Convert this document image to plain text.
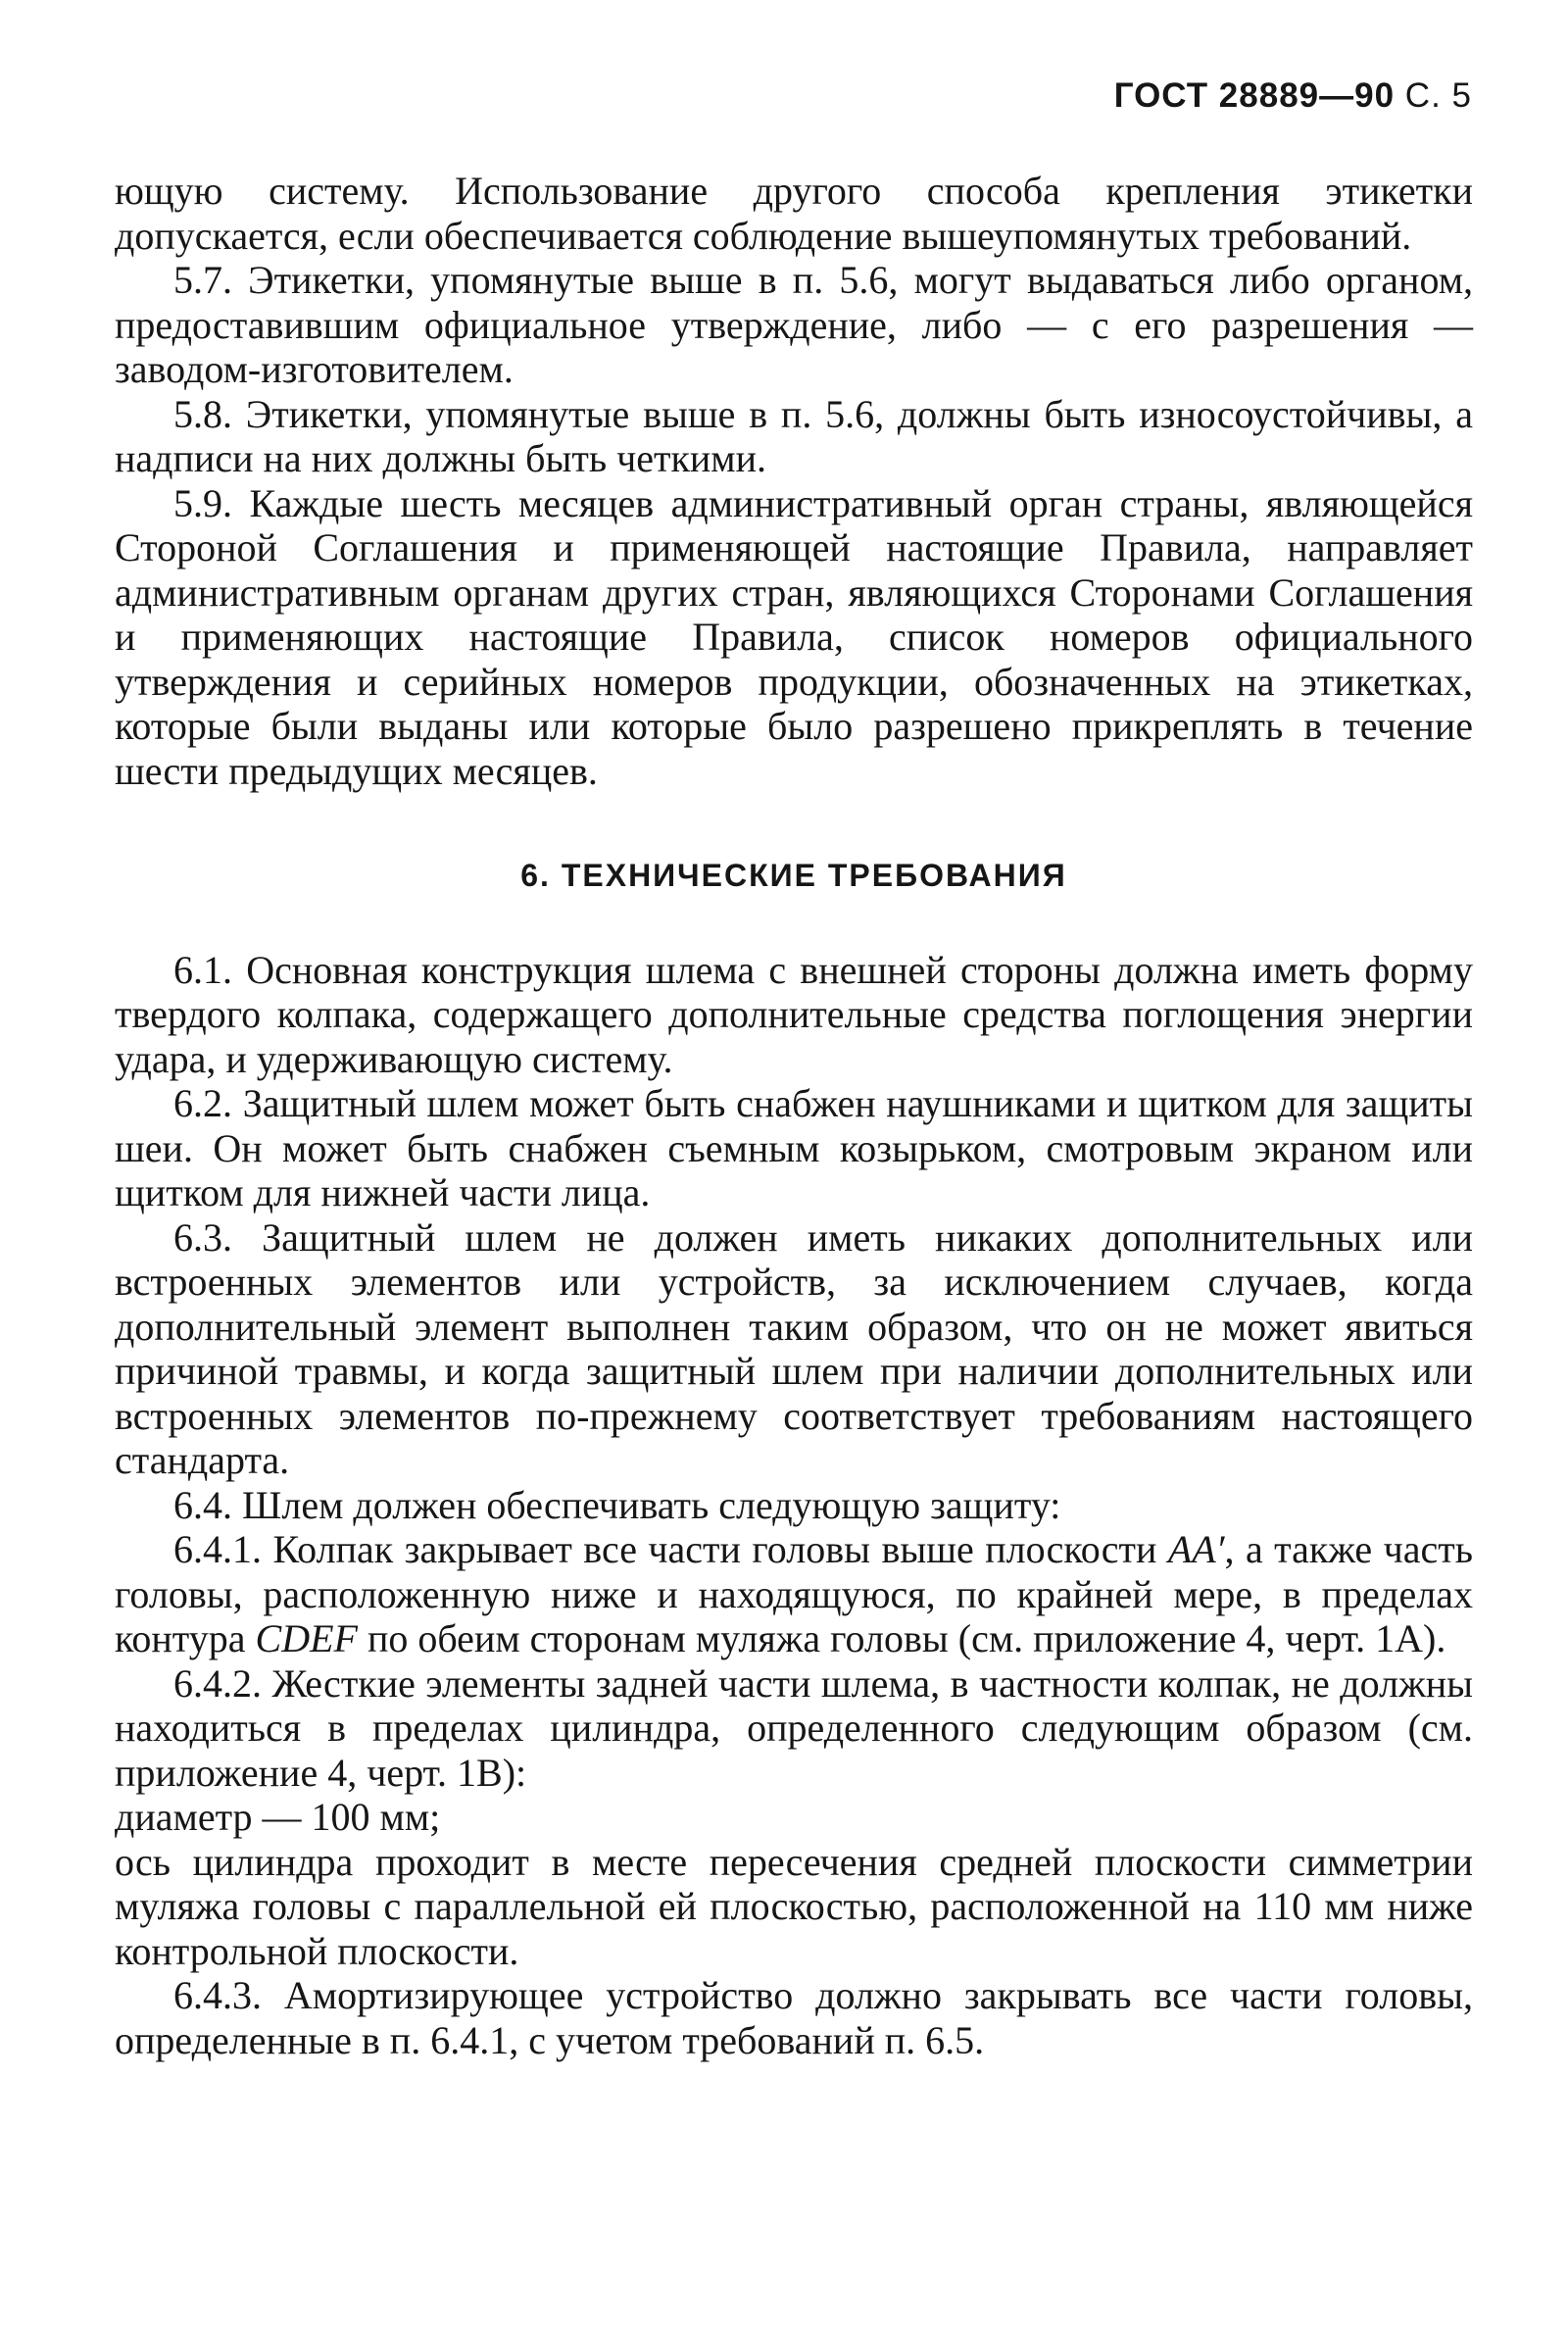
ГОСТ 28889—90 С. 5

ющую систему. Использование другого способа крепления этикетки допускается, если обеспечивается соблюдение вышеупомянутых требований.

5.7. Этикетки, упомянутые выше в п. 5.6, могут выдаваться либо органом, предоставившим официальное утверждение, либо — с его разрешения — заводом-изготовителем.

5.8. Этикетки, упомянутые выше в п. 5.6, должны быть износоустойчивы, а надписи на них должны быть четкими.

5.9. Каждые шесть месяцев административный орган страны, являющейся Стороной Соглашения и применяющей настоящие Правила, направляет административным органам других стран, являющихся Сторонами Соглашения и применяющих настоящие Правила, список номеров официального утверждения и серийных номеров продукции, обозначенных на этикетках, которые были выданы или которые было разрешено прикреплять в течение шести предыдущих месяцев.

6. ТЕХНИЧЕСКИЕ ТРЕБОВАНИЯ

6.1. Основная конструкция шлема с внешней стороны должна иметь форму твердого колпака, содержащего дополнительные средства поглощения энергии удара, и удерживающую систему.

6.2. Защитный шлем может быть снабжен наушниками и щитком для защиты шеи. Он может быть снабжен съемным козырьком, смотровым экраном или щитком для нижней части лица.

6.3. Защитный шлем не должен иметь никаких дополнительных или встроенных элементов или устройств, за исключением случаев, когда дополнительный элемент выполнен таким образом, что он не может явиться причиной травмы, и когда защитный шлем при наличии дополнительных или встроенных элементов по-прежнему соответствует требованиям настоящего стандарта.

6.4. Шлем должен обеспечивать следующую защиту:

6.4.1. Колпак закрывает все части головы выше плоскости AA′, а также часть головы, расположенную ниже и находящуюся, по крайней мере, в пределах контура CDEF по обеим сторонам муляжа головы (см. приложение 4, черт. 1А).

6.4.2. Жесткие элементы задней части шлема, в частности колпак, не должны находиться в пределах цилиндра, определенного следующим образом (см. приложение 4, черт. 1В):

диаметр — 100 мм;

ось цилиндра проходит в месте пересечения средней плоскости симметрии муляжа головы с параллельной ей плоскостью, расположенной на 110 мм ниже контрольной плоскости.

6.4.3. Амортизирующее устройство должно закрывать все части головы, определенные в п. 6.4.1, с учетом требований п. 6.5.
